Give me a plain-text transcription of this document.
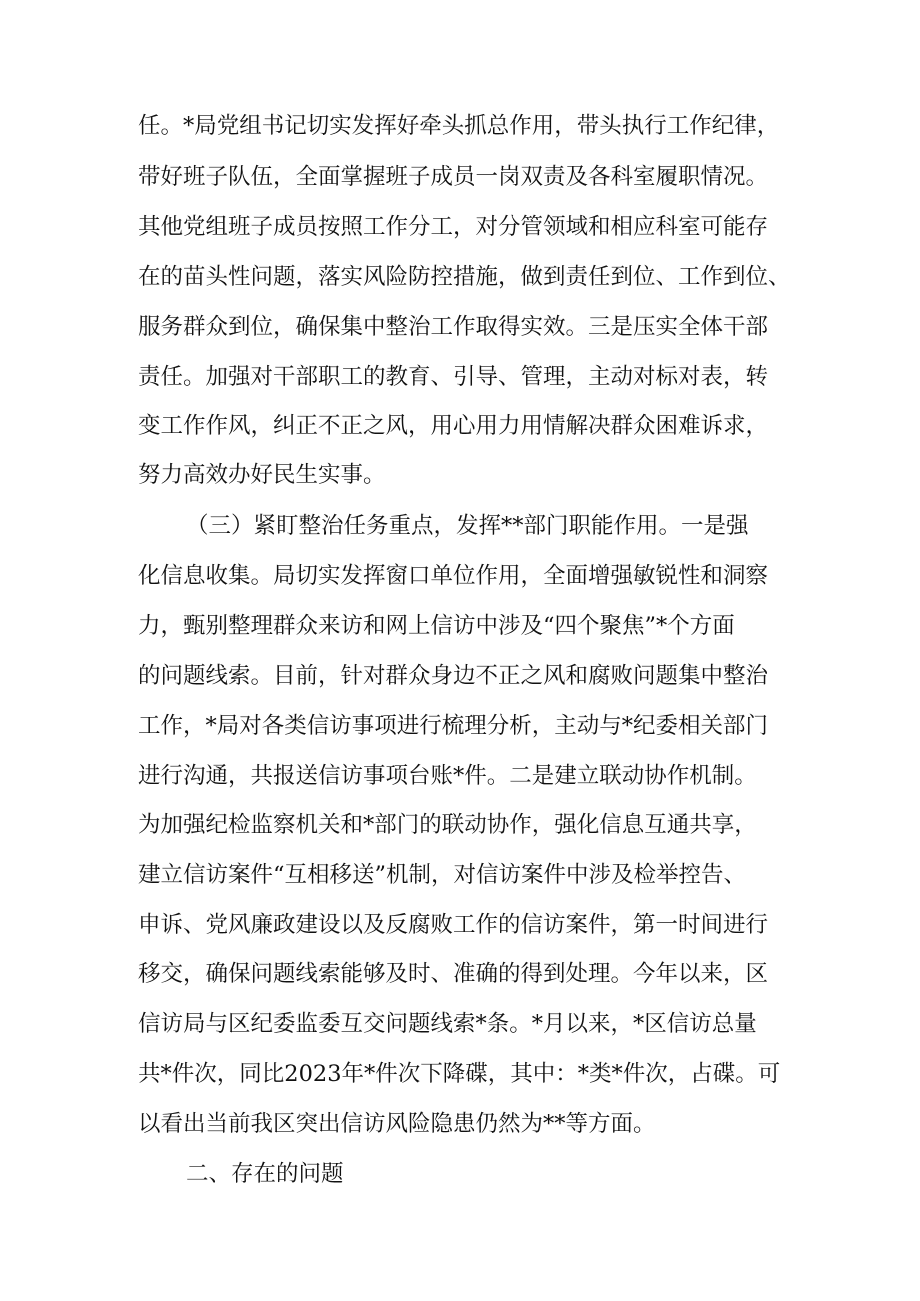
任。*局党组书记切实发挥好牵头抓总作用，带头执行工作纪律，
带好班子队伍，全面掌握班子成员一岗双责及各科室履职情况。
其他党组班子成员按照工作分工，对分管领域和相应科室可能存
在的苗头性问题，落实风险防控措施，做到责任到位、工作到位、
服务群众到位，确保集中整治工作取得实效。三是压实全体干部
责任。加强对干部职工的教育、引导、管理，主动对标对表，转
变工作作风，纠正不正之风，用心用力用情解决群众困难诉求，
努力高效办好民生实事。
（三）紧盯整治任务重点，发挥**部门职能作用。一是强
化信息收集。局切实发挥窗口单位作用，全面增强敏锐性和洞察
力，甄别整理群众来访和网上信访中涉及“四个聚焦”*个方面
的问题线索。目前，针对群众身边不正之风和腐败问题集中整治
工作，*局对各类信访事项进行梳理分析，主动与*纪委相关部门
进行沟通，共报送信访事项台账*件。二是建立联动协作机制。
为加强纪检监察机关和*部门的联动协作，强化信息互通共享，
建立信访案件“互相移送”机制，对信访案件中涉及检举控告、
申诉、党风廉政建设以及反腐败工作的信访案件，第一时间进行
移交，确保问题线索能够及时、准确的得到处理。今年以来，区
信访局与区纪委监委互交问题线索*条。*月以来，*区信访总量
共*件次，同比2023年*件次下降碟，其中：*类*件次，占碟。可
以看出当前我区突出信访风险隐患仍然为**等方面。
二、存在的问题
